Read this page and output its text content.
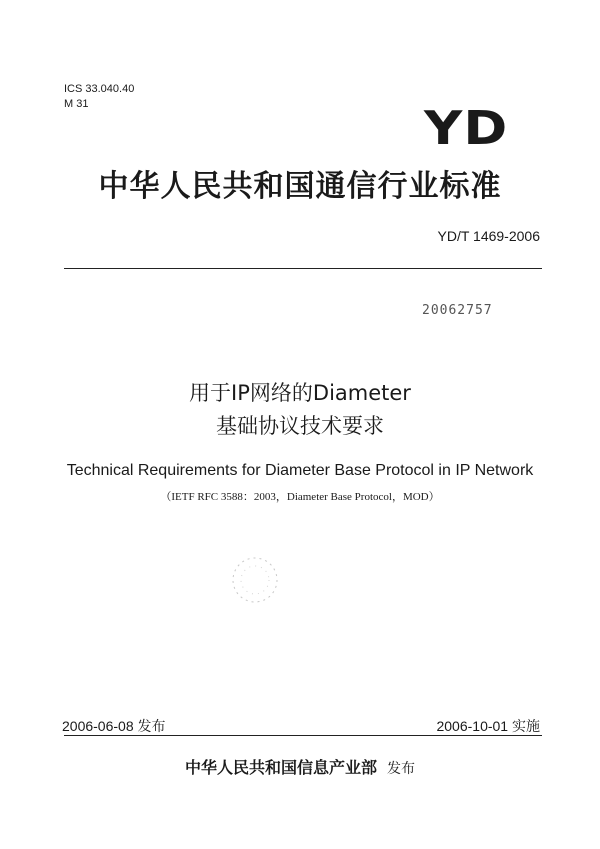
ICS 33.040.40
M 31	YD
中华人民共和国通信行业标准
YD/T 1469-2006
20062757
用于IP网络的Diameter
基础协议技术要求
Technical Requirements for Diameter Base Protocol in IP Network
（IETF RFC 3588：2003，Diameter Base Protocol，MOD）
2006-06-08 发布	2006-10-01 实施
中华人民共和国信息产业部 发布
